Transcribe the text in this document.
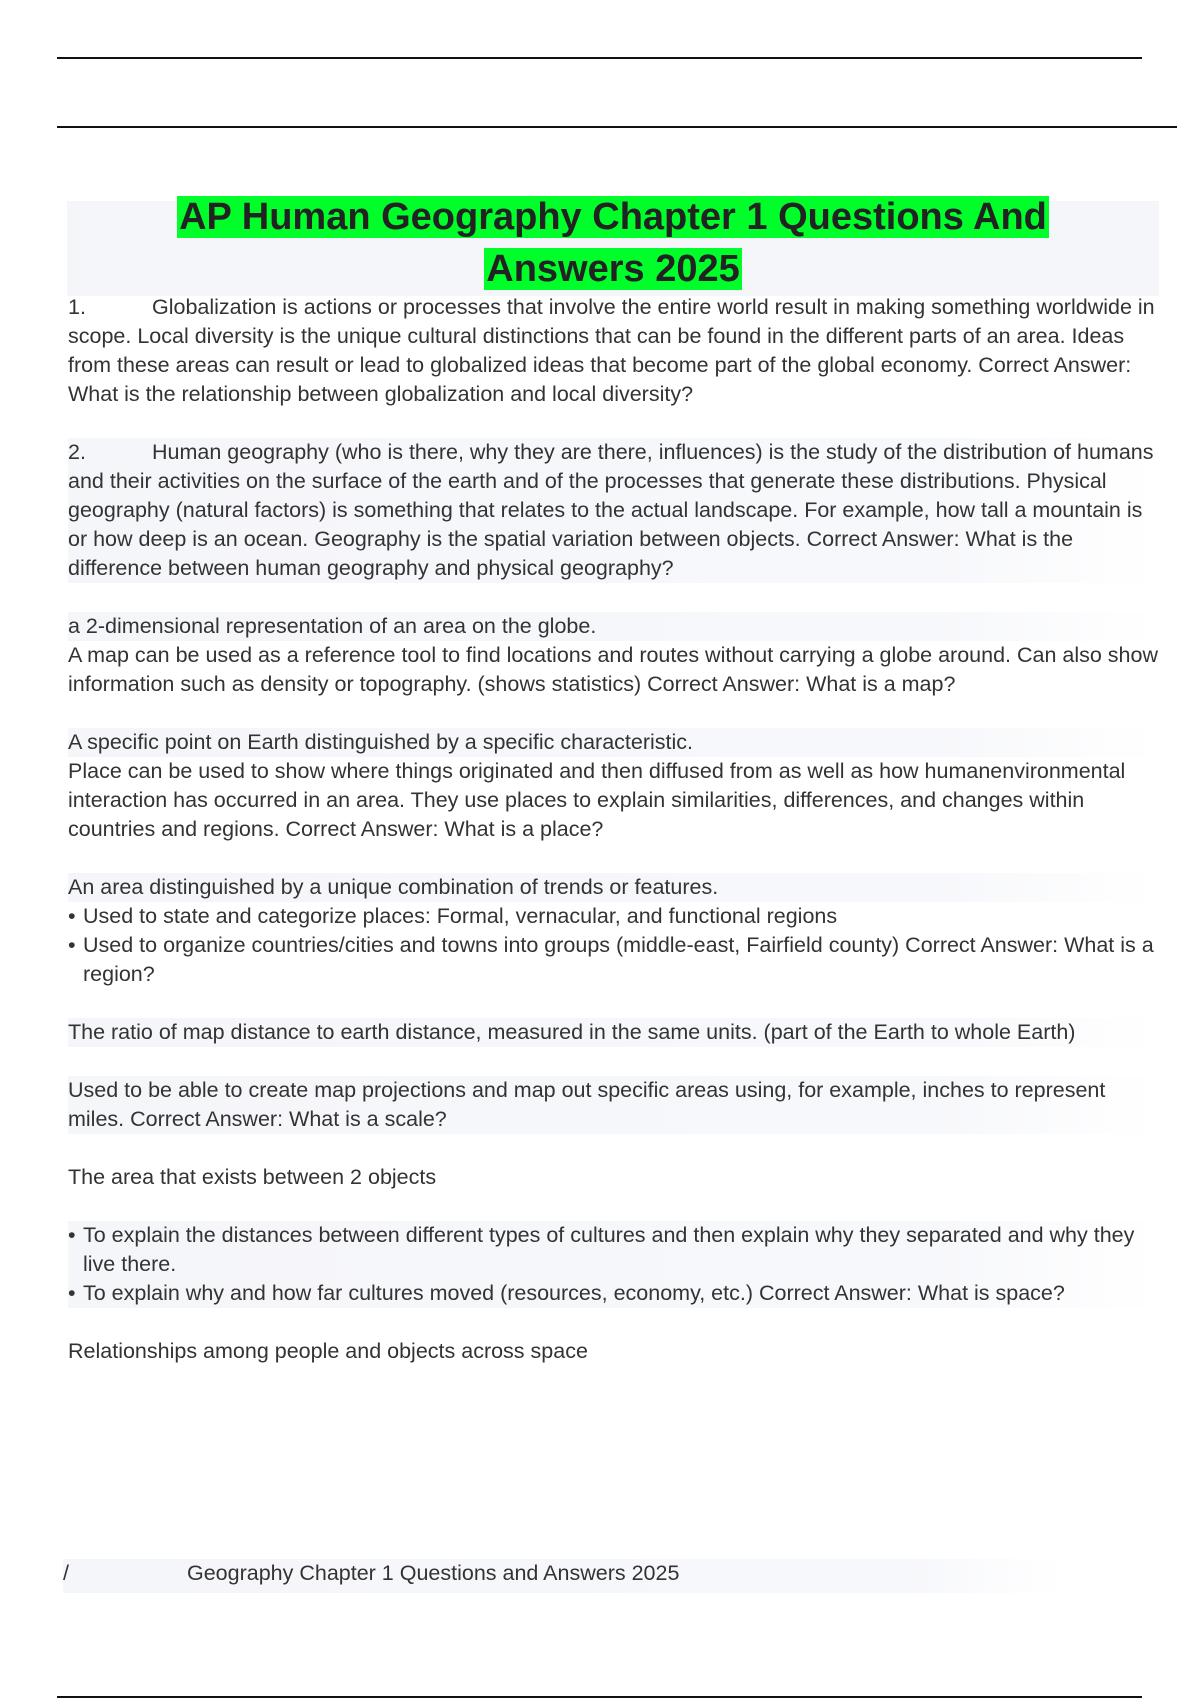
AP Human Geography Chapter 1 Questions And
Answers 2025
1.	Globalization is actions or processes that involve the entire world result in making something worldwide in scope. Local diversity is the unique cultural distinctions that can be found in the different parts of an area. Ideas from these areas can result or lead to globalized ideas that become part of the global economy. Correct Answer: What is the relationship between globalization and local diversity?
2.	Human geography (who is there, why they are there, influences) is the study of the distribution of humans and their activities on the surface of the earth and of the processes that generate these distributions. Physical geography (natural factors) is something that relates to the actual landscape. For example, how tall a mountain is or how deep is an ocean. Geography is the spatial variation between objects. Correct Answer: What is the difference between human geography and physical geography?
a 2-dimensional representation of an area on the globe.
A map can be used as a reference tool to find locations and routes without carrying a globe around. Can also show information such as density or topography. (shows statistics) Correct Answer: What is a map?
A specific point on Earth distinguished by a specific characteristic.
Place can be used to show where things originated and then diffused from as well as how humanenvironmental interaction has occurred in an area. They use places to explain similarities, differences, and changes within countries and regions. Correct Answer: What is a place?
An area distinguished by a unique combination of trends or features.
• Used to state and categorize places: Formal, vernacular, and functional regions
• Used to organize countries/cities and towns into groups (middle-east, Fairfield county) Correct Answer: What is a region?
The ratio of map distance to earth distance, measured in the same units. (part of the Earth to whole Earth)
Used to be able to create map projections and map out specific areas using, for example, inches to represent miles. Correct Answer: What is a scale?
The area that exists between 2 objects
• To explain the distances between different types of cultures and then explain why they separated and why they live there.
• To explain why and how far cultures moved (resources, economy, etc.) Correct Answer: What is space?
Relationships among people and objects across space
/	Geography Chapter 1 Questions and Answers 2025
